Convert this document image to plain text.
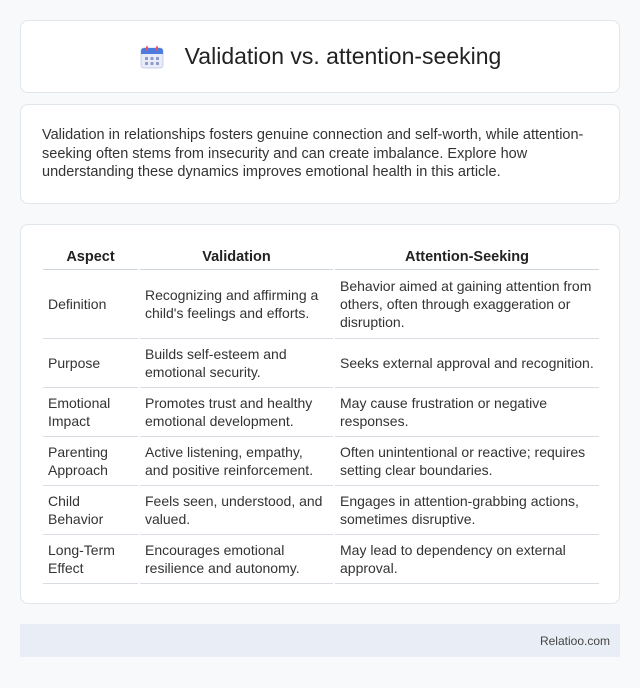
Validation vs. attention-seeking

Validation in relationships fosters genuine connection and self-worth, while attention-seeking often stems from insecurity and can create imbalance. Explore how understanding these dynamics improves emotional health in this article.

Aspect	Validation	Attention-Seeking
Definition	Recognizing and affirming a child's feelings and efforts.	Behavior aimed at gaining attention from others, often through exaggeration or disruption.
Purpose	Builds self-esteem and emotional security.	Seeks external approval and recognition.
Emotional Impact	Promotes trust and healthy emotional development.	May cause frustration or negative responses.
Parenting Approach	Active listening, empathy, and positive reinforcement.	Often unintentional or reactive; requires setting clear boundaries.
Child Behavior	Feels seen, understood, and valued.	Engages in attention-grabbing actions, sometimes disruptive.
Long-Term Effect	Encourages emotional resilience and autonomy.	May lead to dependency on external approval.
Relatioo.com
